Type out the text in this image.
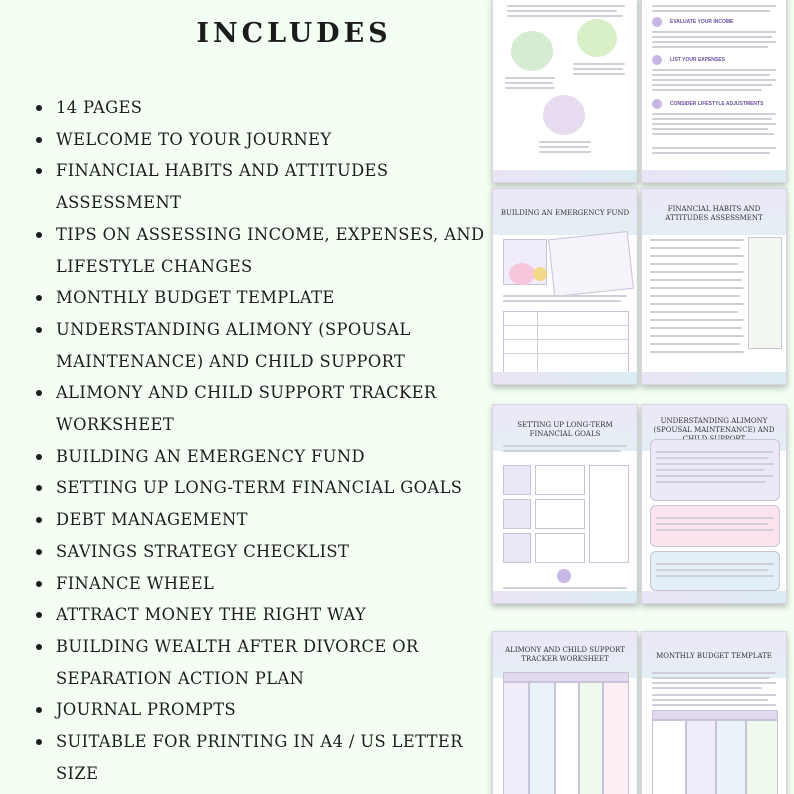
INCLUDES
14 PAGES
WELCOME TO YOUR JOURNEY
FINANCIAL HABITS AND ATTITUDES ASSESSMENT
TIPS ON ASSESSING INCOME, EXPENSES, AND LIFESTYLE CHANGES
MONTHLY BUDGET TEMPLATE
UNDERSTANDING ALIMONY (SPOUSAL MAINTENANCE) AND CHILD SUPPORT
ALIMONY AND CHILD SUPPORT TRACKER WORKSHEET
BUILDING AN EMERGENCY FUND
SETTING UP LONG-TERM FINANCIAL GOALS
DEBT MANAGEMENT
SAVINGS STRATEGY CHECKLIST
FINANCE WHEEL
ATTRACT MONEY THE RIGHT WAY
BUILDING WEALTH AFTER DIVORCE OR SEPARATION ACTION PLAN
JOURNAL PROMPTS
SUITABLE FOR PRINTING IN A4 / US LETTER SIZE
EVALUATE YOUR INCOME
LIST YOUR EXPENSES
CONSIDER LIFESTYLE ADJUSTMENTS
BUILDING AN EMERGENCY FUND	FINANCIAL HABITS AND ATTITUDES ASSESSMENT
SETTING UP LONG-TERM FINANCIAL GOALS
UNDERSTANDING ALIMONY (SPOUSAL MAINTENANCE) AND
ALIMONY AND CHILD SUPPORT TRACKER WORKSHEET	MONTHLY BUDGET TEMPLATE
